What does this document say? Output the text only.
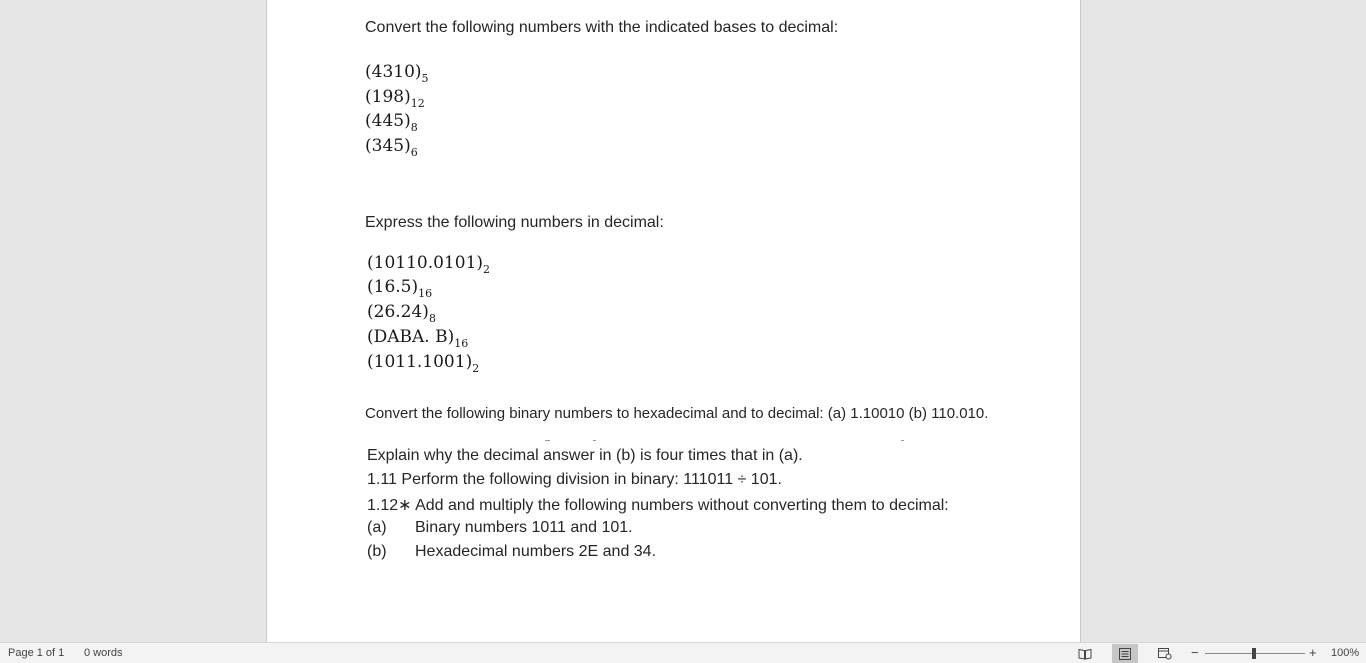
Convert the following numbers with the indicated bases to decimal:
$(4310)_5$
$(198)_{12}$
$(445)_8$
$(345)_6$
Express the following numbers in decimal:
$(10110.0101)_2$
$(16.5)_{16}$
$(26.24)_8$
(DABA. $B)_{16}$
$(1011.1001)_2$
Convert the following binary numbers to hexadecimal and to decimal: (a) 1.10010 (b) 110.010.
Explain why the decimal answer in (b) is four times that in (a).
1.11 Perform the following division in binary: 111011 ÷ 101.
1.12∗ Add and multiply the following numbers without converting them to decimal:
(a) Binary numbers 1011 and 101.
(b) Hexadecimal numbers 2E and 34.
Page 1 of 1 0 words	−	+ 100%
